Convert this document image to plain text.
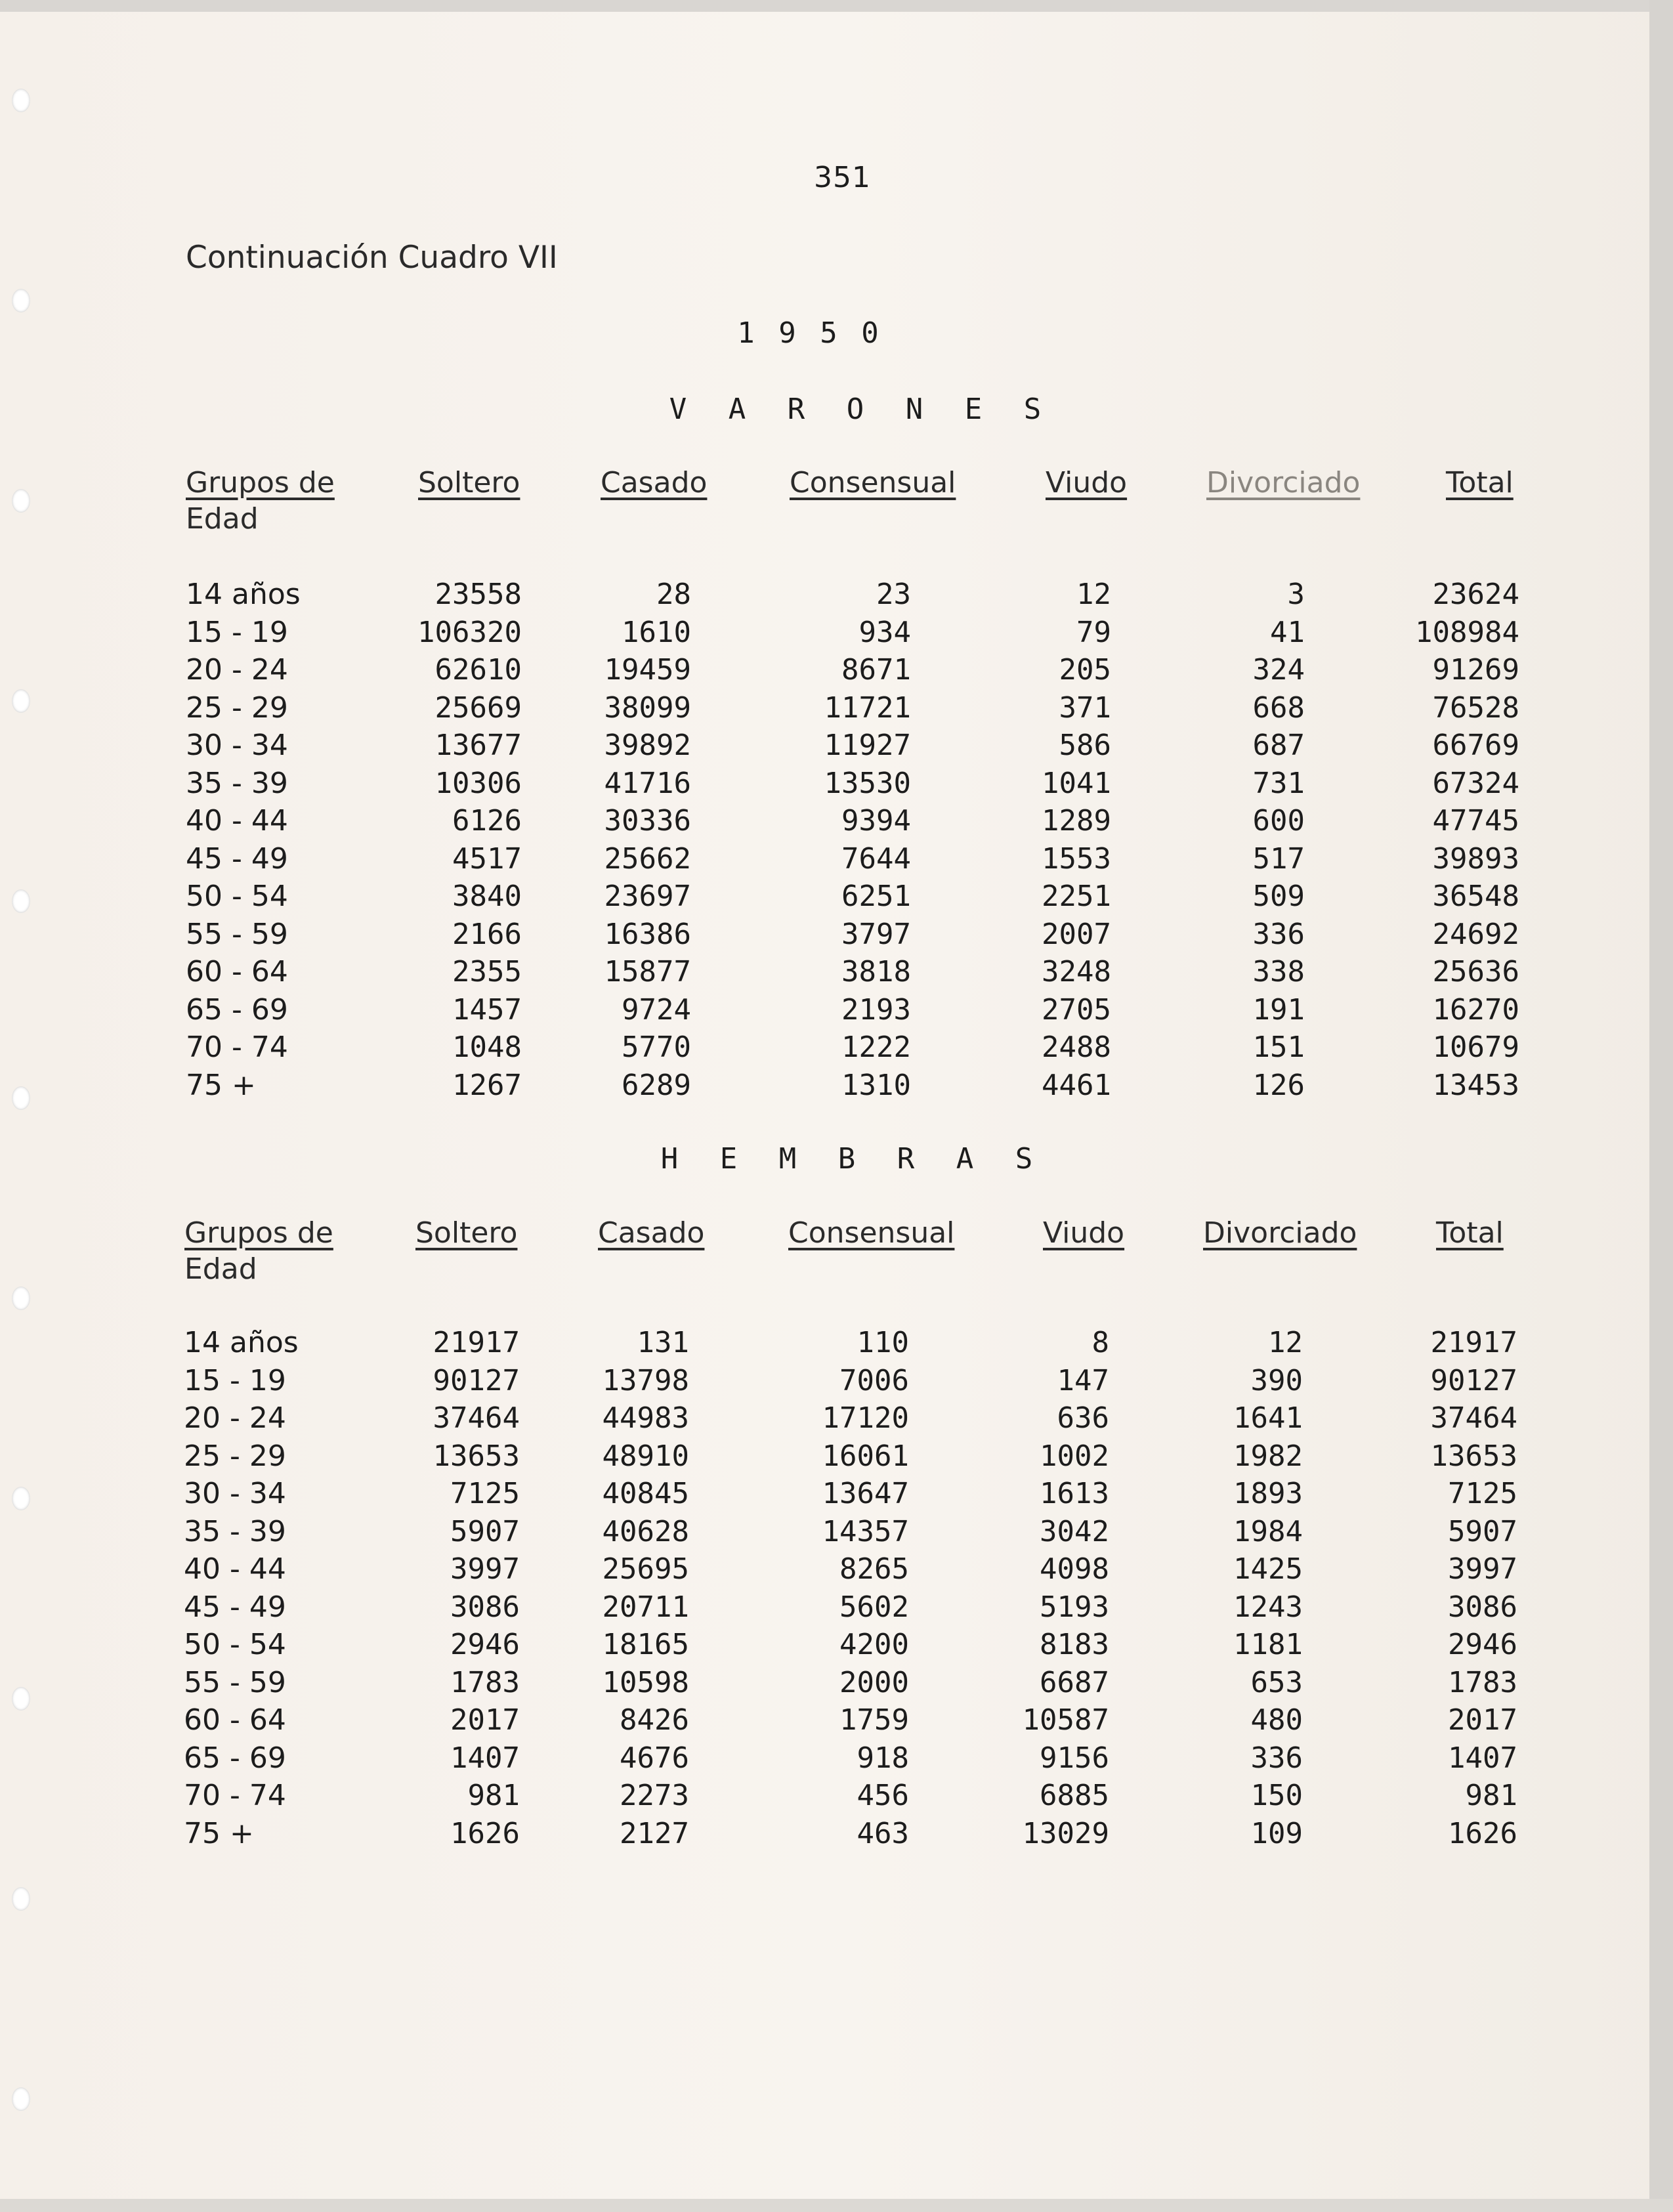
351
Continuación Cuadro VII
1 9 5 0
V A R O N E S
Grupos de
Edad
Soltero	Casado	Consensual	Viudo	Divorciado	Total
14 años	23558	28	23	12	3	23624
15 - 19	106320	1610	934	79	41	108984
20 - 24	62610	19459	8671	205	324	91269
25 - 29	25669	38099	11721	371	668	76528
30 - 34	13677	39892	11927	586	687	66769
35 - 39	10306	41716	13530	1041	731	67324
40 - 44	6126	30336	9394	1289	600	47745
45 - 49	4517	25662	7644	1553	517	39893
50 - 54	3840	23697	6251	2251	509	36548
55 - 59	2166	16386	3797	2007	336	24692
60 - 64	2355	15877	3818	3248	338	25636
65 - 69	1457	9724	2193	2705	191	16270
70 - 74	1048	5770	1222	2488	151	10679
75 +	1267	6289	1310	4461	126	13453
H E M B R A S
Grupos de
Edad
Soltero	Casado	Consensual	Viudo	Divorciado	Total
14 años	21917	131	110	8	12	21917
15 - 19	90127	13798	7006	147	390	90127
20 - 24	37464	44983	17120	636	1641	37464
25 - 29	13653	48910	16061	1002	1982	13653
30 - 34	7125	40845	13647	1613	1893	7125
35 - 39	5907	40628	14357	3042	1984	5907
40 - 44	3997	25695	8265	4098	1425	3997
45 - 49	3086	20711	5602	5193	1243	3086
50 - 54	2946	18165	4200	8183	1181	2946
55 - 59	1783	10598	2000	6687	653	1783
60 - 64	2017	8426	1759	10587	480	2017
65 - 69	1407	4676	918	9156	336	1407
70 - 74	981	2273	456	6885	150	981
75 +	1626	2127	463	13029	109	1626
